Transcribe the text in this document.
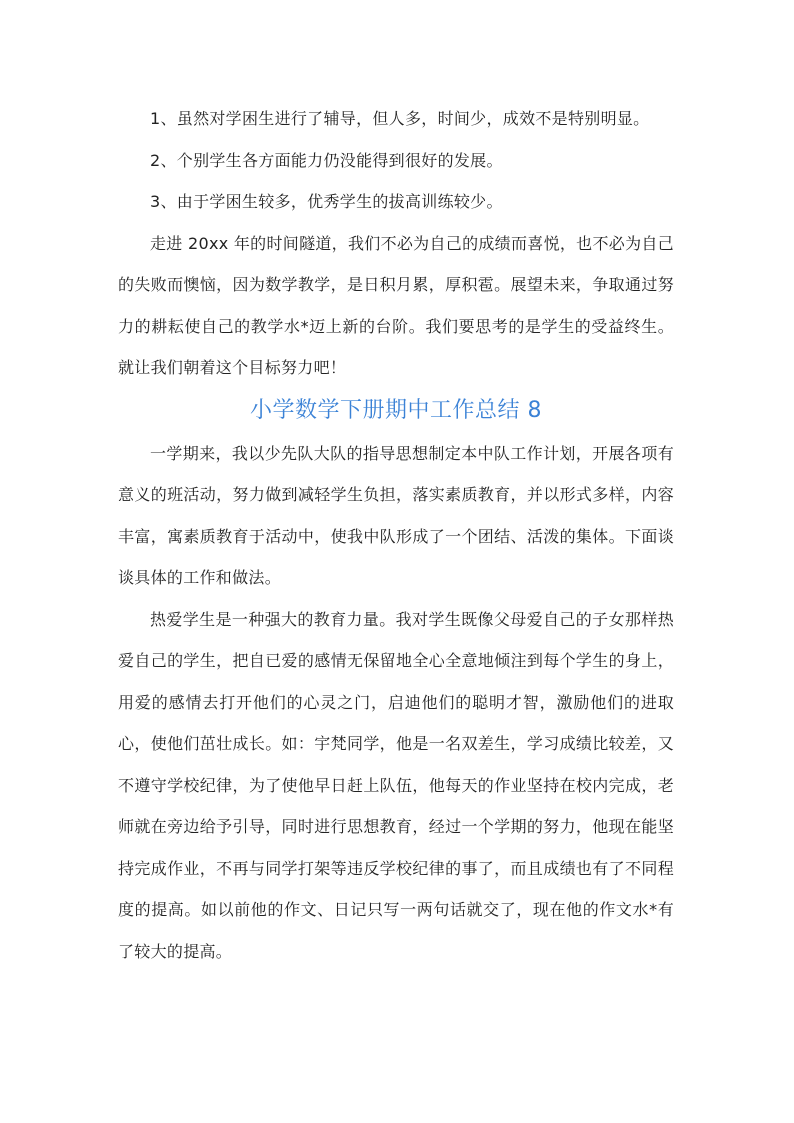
1、虽然对学困生进行了辅导，但人多，时间少，成效不是特别明显。

2、个别学生各方面能力仍没能得到很好的发展。

3、由于学困生较多，优秀学生的拔高训练较少。

走进 20xx 年的时间隧道，我们不必为自己的成绩而喜悦，也不必为自己的失败而懊恼，因为数学教学，是日积月累，厚积雹。展望未来，争取通过努力的耕耘使自己的教学水*迈上新的台阶。我们要思考的是学生的受益终生。就让我们朝着这个目标努力吧！

小学数学下册期中工作总结 8

一学期来，我以少先队大队的指导思想制定本中队工作计划，开展各项有意义的班活动，努力做到减轻学生负担，落实素质教育，并以形式多样，内容丰富，寓素质教育于活动中，使我中队形成了一个团结、活泼的集体。下面谈谈具体的工作和做法。

热爱学生是一种强大的教育力量。我对学生既像父母爱自己的子女那样热爱自己的学生，把自已爱的感情无保留地全心全意地倾注到每个学生的身上，用爱的感情去打开他们的心灵之门，启迪他们的聪明才智，激励他们的进取心，使他们茁壮成长。如：宇梵同学，他是一名双差生，学习成绩比较差，又不遵守学校纪律，为了使他早日赶上队伍，他每天的作业坚持在校内完成，老师就在旁边给予引导，同时进行思想教育，经过一个学期的努力，他现在能坚持完成作业，不再与同学打架等违反学校纪律的事了，而且成绩也有了不同程度的提高。如以前他的作文、日记只写一两句话就交了，现在他的作文水*有了较大的提高。
